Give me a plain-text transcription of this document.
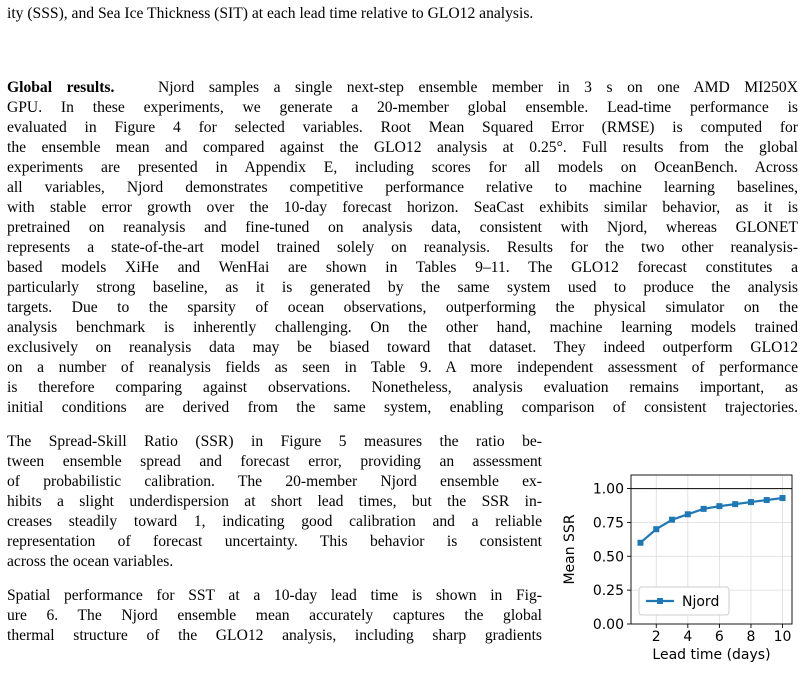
ity (SSS), and Sea Ice Thickness (SIT) at each lead time relative to GLO12 analysis.
Global results.	Njord samples a single next-step ensemble member in 3 s on one AMD MI250X
GPU. In these experiments, we generate a 20-member global ensemble. Lead-time performance is
evaluated in Figure 4 for selected variables. Root Mean Squared Error (RMSE) is computed for
the ensemble mean and compared against the GLO12 analysis at 0.25°. Full results from the global
experiments are presented in Appendix E, including scores for all models on OceanBench. Across
all variables, Njord demonstrates competitive performance relative to machine learning baselines,
with stable error growth over the 10-day forecast horizon. SeaCast exhibits similar behavior, as it is
pretrained on reanalysis and fine-tuned on analysis data, consistent with Njord, whereas GLONET
represents a state-of-the-art model trained solely on reanalysis. Results for the two other reanalysis-
based models XiHe and WenHai are shown in Tables 9–11. The GLO12 forecast constitutes a
particularly strong baseline, as it is generated by the same system used to produce the analysis
targets. Due to the sparsity of ocean observations, outperforming the physical simulator on the
analysis benchmark is inherently challenging. On the other hand, machine learning models trained
exclusively on reanalysis data may be biased toward that dataset. They indeed outperform GLO12
on a number of reanalysis fields as seen in Table 9. A more independent assessment of performance
is therefore comparing against observations. Nonetheless, analysis evaluation remains important, as
initial conditions are derived from the same system, enabling comparison of consistent trajectories.
The Spread-Skill Ratio (SSR) in Figure 5 measures the ratio be-
tween ensemble spread and forecast error, providing an assessment
of probabilistic calibration. The 20-member Njord ensemble ex-
hibits a slight underdispersion at short lead times, but the SSR in-
creases steadily toward 1, indicating good calibration and a reliable
representation of forecast uncertainty. This behavior is consistent
across the ocean variables.
Spatial performance for SST at a 10-day lead time is shown in Fig-
ure 6. The Njord ensemble mean accurately captures the global
thermal structure of the GLO12 analysis, including sharp gradients	2 4 6 8 10
0.00
0.25
0.50
0.75
1.00
Mean SSR
Lead time (days)
Njord
